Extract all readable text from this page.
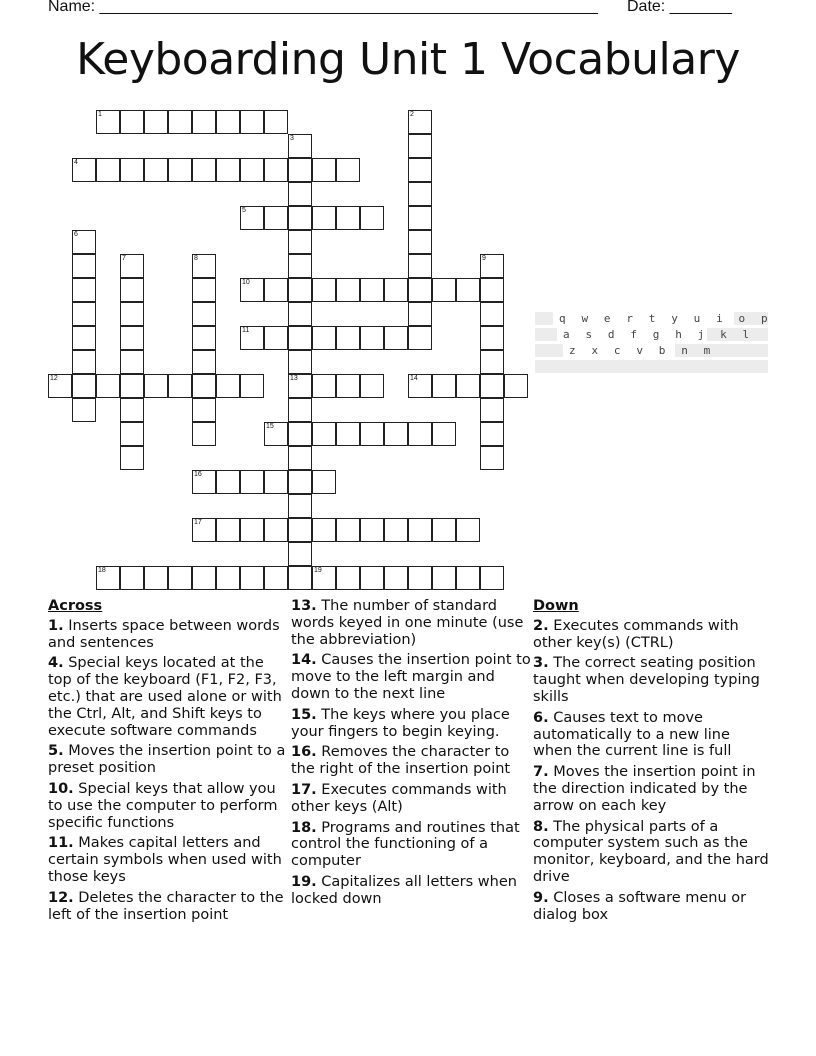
Name: ________________________________________________________ Date: _______
Keyboarding Unit 1 Vocabulary
1	2
3
13
4
5
6
7	8	9
10
11
12	14
15
16
17
18	19
q w e r t y u i o p
a s d f g h j k l
z x c v b n m
Across
1. Inserts space between words and sentences
4. Special keys located at the top of the keyboard (F1, F2, F3, etc.) that are used alone or with the Ctrl, Alt, and Shift keys to execute software commands
5. Moves the insertion point to a preset position
10. Special keys that allow you to use the computer to perform specific functions
11. Makes capital letters and certain symbols when used with those keys
12. Deletes the character to the left of the insertion point
13. The number of standard words keyed in one minute (use the abbreviation)
14. Causes the insertion point to move to the left margin and down to the next line
15. The keys where you place your fingers to begin keying.
16. Removes the character to the right of the insertion point
17. Executes commands with other keys (Alt)
18. Programs and routines that control the functioning of a computer
19. Capitalizes all letters when locked down
Down
2. Executes commands with other key(s) (CTRL)
3. The correct seating position taught when developing typing skills
6. Causes text to move automatically to a new line when the current line is full
7. Moves the insertion point in the direction indicated by the arrow on each key
8. The physical parts of a computer system such as the monitor, keyboard, and the hard drive
9. Closes a software menu or dialog box
